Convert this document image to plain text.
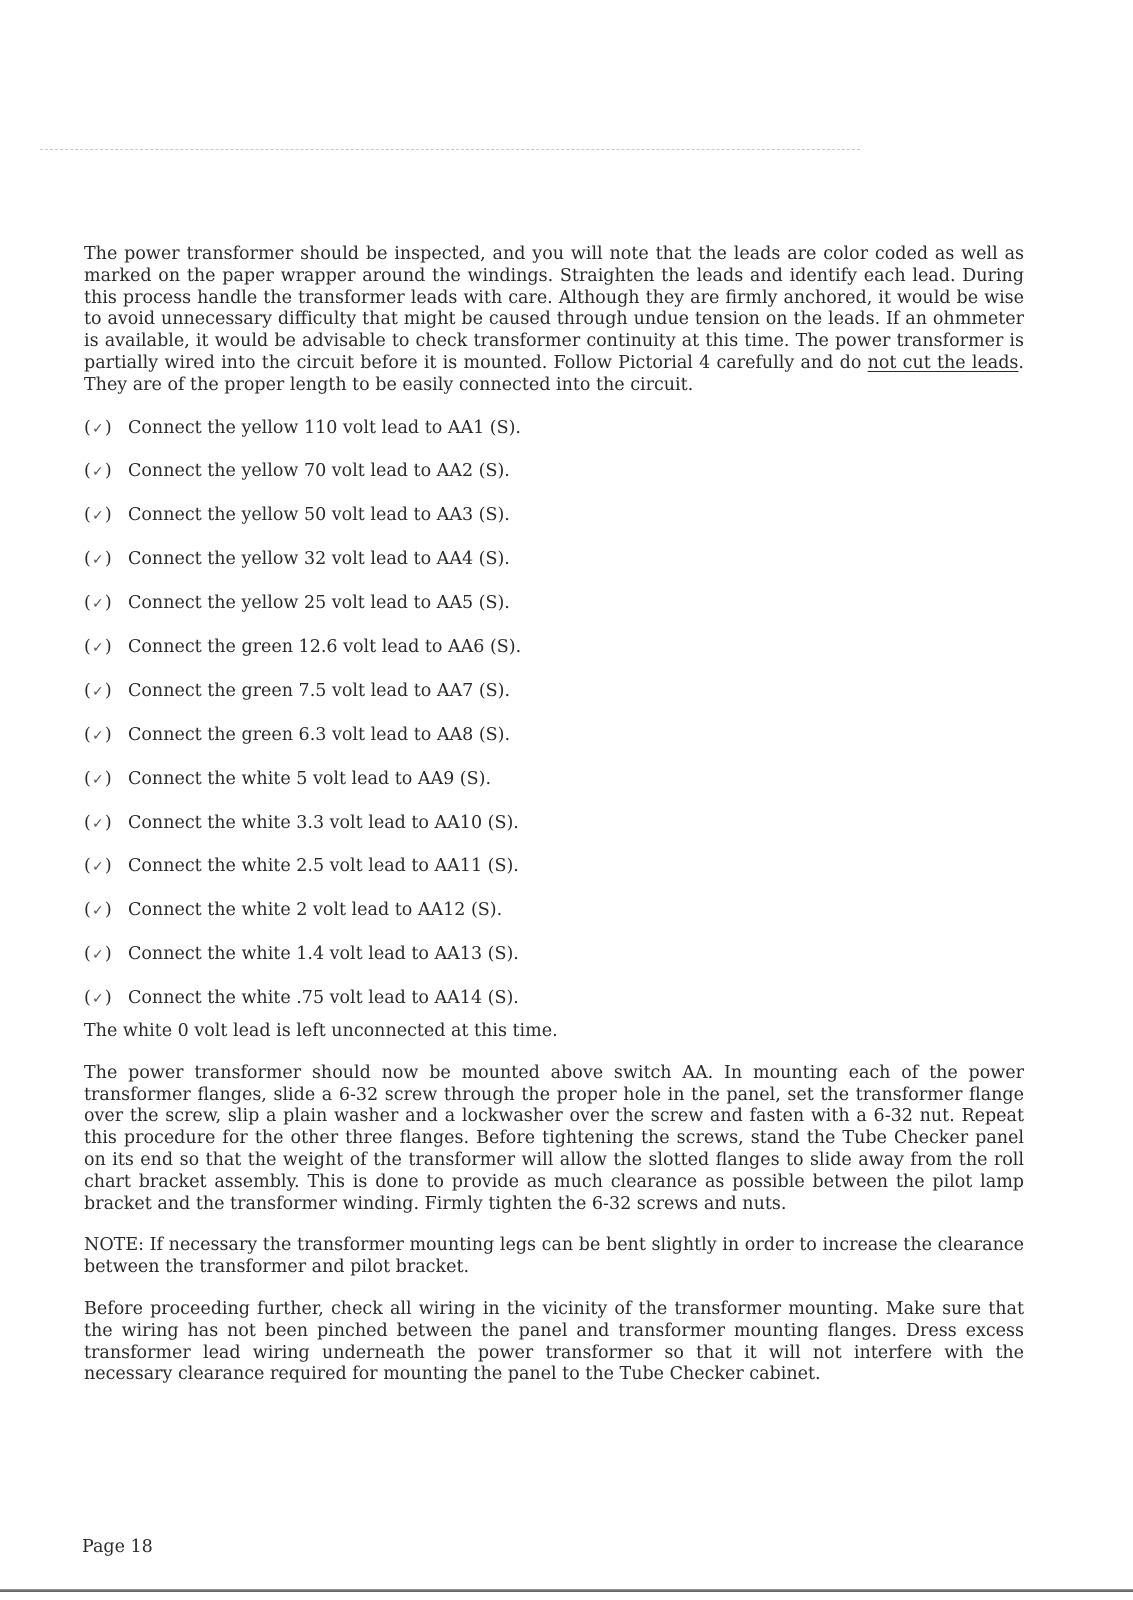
The power transformer should be inspected, and you will note that the leads are color coded as well as marked on the paper wrapper around the windings. Straighten the leads and identify each lead. During this process handle the transformer leads with care. Although they are firmly anchored, it would be wise to avoid unnecessary difficulty that might be caused through undue tension on the leads. If an ohmmeter is available, it would be advisable to check transformer continuity at this time. The power transformer is partially wired into the circuit before it is mounted. Follow Pictorial 4 carefully and do not cut the leads. They are of the proper length to be easily connected into the circuit.

(✓) Connect the yellow 110 volt lead to AA1 (S).
(✓) Connect the yellow 70 volt lead to AA2 (S).
(✓) Connect the yellow 50 volt lead to AA3 (S).
(✓) Connect the yellow 32 volt lead to AA4 (S).
(✓) Connect the yellow 25 volt lead to AA5 (S).
(✓) Connect the green 12.6 volt lead to AA6 (S).
(✓) Connect the green 7.5 volt lead to AA7 (S).
(✓) Connect the green 6.3 volt lead to AA8 (S).
(✓) Connect the white 5 volt lead to AA9 (S).
(✓) Connect the white 3.3 volt lead to AA10 (S).
(✓) Connect the white 2.5 volt lead to AA11 (S).
(✓) Connect the white 2 volt lead to AA12 (S).
(✓) Connect the white 1.4 volt lead to AA13 (S).
(✓) Connect the white .75 volt lead to AA14 (S).

The white 0 volt lead is left unconnected at this time.

The power transformer should now be mounted above switch AA. In mounting each of the power transformer flanges, slide a 6-32 screw through the proper hole in the panel, set the transformer flange over the screw, slip a plain washer and a lockwasher over the screw and fasten with a 6-32 nut. Repeat this procedure for the other three flanges. Before tightening the screws, stand the Tube Checker panel on its end so that the weight of the transformer will allow the slotted flanges to slide away from the roll chart bracket assembly. This is done to provide as much clearance as possible between the pilot lamp bracket and the transformer winding. Firmly tighten the 6-32 screws and nuts.

NOTE: If necessary the transformer mounting legs can be bent slightly in order to increase the clearance between the transformer and pilot bracket.

Before proceeding further, check all wiring in the vicinity of the transformer mounting. Make sure that the wiring has not been pinched between the panel and transformer mounting flanges. Dress excess transformer lead wiring underneath the power transformer so that it will not interfere with the necessary clearance required for mounting the panel to the Tube Checker cabinet.

Page 18
